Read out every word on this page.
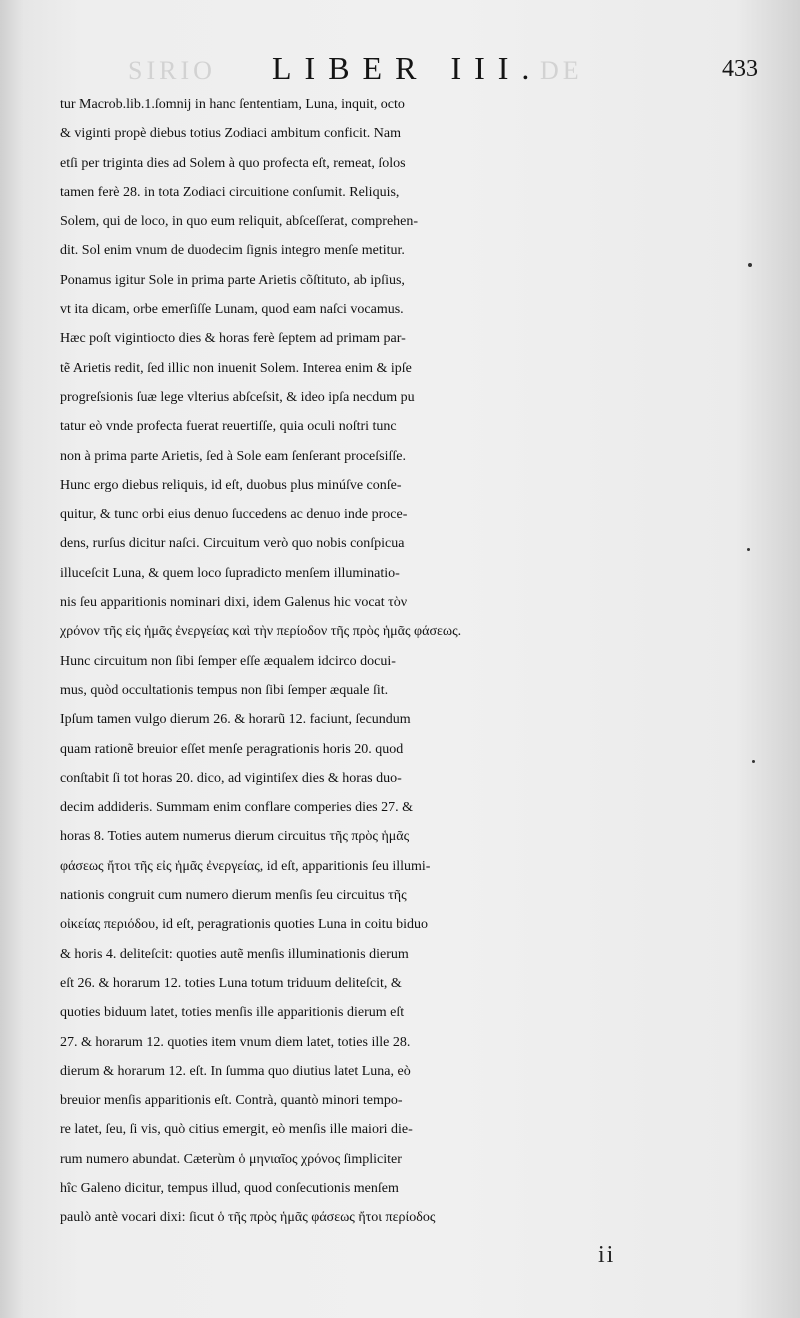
SIRIO LIBER III.
DE	433
tur Macrob.lib.1.ſomnij in hanc ſententiam, Luna, inquit, octo
& viginti propè diebus totius Zodiaci ambitum conficit. Nam
etſi per triginta dies ad Solem à quo profecta eſt, remeat, ſolos
tamen ferè 28. in tota Zodiaci circuitione conſumit. Reliquis,
Solem, qui de loco, in quo eum reliquit, abſceſſerat, comprehen-
dit. Sol enim vnum de duodecim ſignis integro menſe metitur.
Ponamus igitur Sole in prima parte Arietis cõſtituto, ab ipſius,
vt ita dicam, orbe emerſiſſe Lunam, quod eam naſci vocamus.
Hæc poſt vigintiocto dies & horas ferè ſeptem ad primam par-
tẽ Arietis redit, ſed illic non inuenit Solem. Interea enim & ipſe
progreſsionis ſuæ lege vlterius abſceſsit, & ideo ipſa necdum pu
tatur eò vnde profecta fuerat reuertiſſe, quia oculi noſtri tunc
non à prima parte Arietis, ſed à Sole eam ſenſerant proceſsiſſe.
Hunc ergo diebus reliquis, id eſt, duobus plus minúſve conſe-
quitur, & tunc orbi eius denuo ſuccedens ac denuo inde proce-
dens, rurſus dicitur naſci. Circuitum verò quo nobis conſpicua
illuceſcit Luna, & quem loco ſupradicto menſem illuminatio-
nis ſeu apparitionis nominari dixi, idem Galenus hic vocat τὸν
χρόνον τῆς εἰς ἡμᾶς ἐνεργείας καὶ τὴν περίοδον τῆς πρὸς ἡμᾶς φάσεως.
Hunc circuitum non ſibi ſemper eſſe æqualem idcirco docui-
mus, quòd occultationis tempus non ſibi ſemper æquale ſit.
Ipſum tamen vulgo dierum 26. & horarũ 12. faciunt, ſecundum
quam rationẽ breuior eſſet menſe peragrationis horis 20. quod
conſtabit ſi tot horas 20. dico, ad vigintiſex dies & horas duo-
decim addideris. Summam enim conflare comperies dies 27. &
horas 8. Toties autem numerus dierum circuitus τῆς πρὸς ἡμᾶς
φάσεως ἤτοι τῆς εἰς ἡμᾶς ἐνεργείας, id eſt, apparitionis ſeu illumi-
nationis congruit cum numero dierum menſis ſeu circuitus τῆς
οἰκείας περιόδου, id eſt, peragrationis quoties Luna in coitu biduo
& horis 4. deliteſcit: quoties autẽ menſis illuminationis dierum
eſt 26. & horarum 12. toties Luna totum triduum deliteſcit, &
quoties biduum latet, toties menſis ille apparitionis dierum eſt
27. & horarum 12. quoties item vnum diem latet, toties ille 28.
dierum & horarum 12. eſt. In ſumma quo diutius latet Luna, eò
breuior menſis apparitionis eſt. Contrà, quantò minori tempo-
re latet, ſeu, ſi vis, quò citius emergit, eò menſis ille maiori die-
rum numero abundat. Cæterùm ὁ μηνιαῖος χρόνος ſimpliciter
hîc Galeno dicitur, tempus illud, quod conſecutionis menſem
paulò antè vocari dixi: ſicut ὁ τῆς πρὸς ἡμᾶς φάσεως ἤτοι περίοδος
ii
